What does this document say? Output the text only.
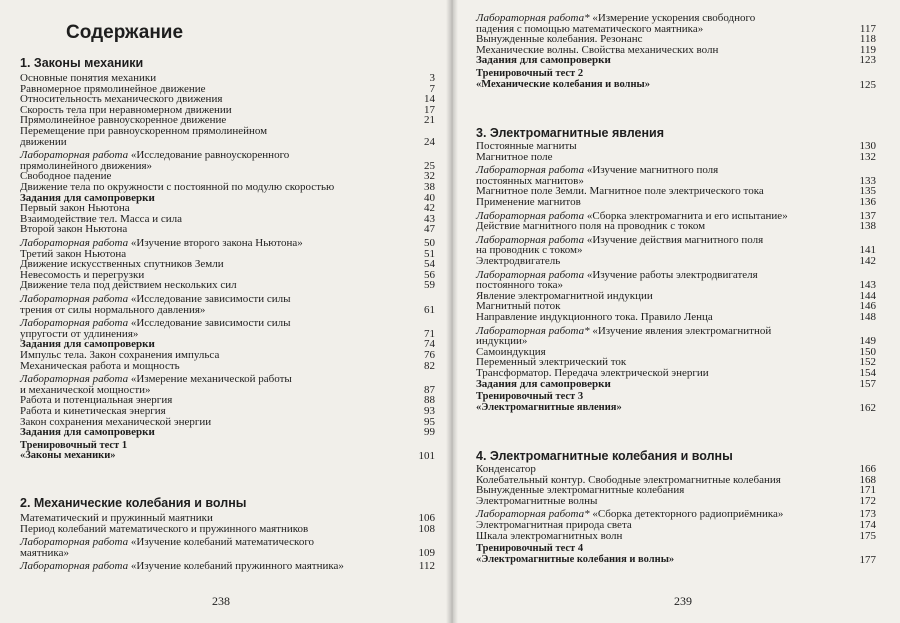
Содержание
1. Законы механики
Основные понятия механики	3
Равномерное прямолинейное движение	7
Относительность механического движения	14
Скорость тела при неравномерном движении	17
Прямолинейное равноускоренное движение	21
Перемещение при равноускоренном прямолинейном
движении	24
Лабораторная работа «Исследование равноускоренного
прямолинейного движения»	25
Свободное падение	32
Движение тела по окружности с постоянной по модулю скоростью	38
Задания для самопроверки	40
Первый закон Ньютона	42
Взаимодействие тел. Масса и сила	43
Второй закон Ньютона	47
Лабораторная работа «Изучение второго закона Ньютона»	50
Третий закон Ньютона	51
Движение искусственных спутников Земли	54
Невесомость и перегрузки	56
Движение тела под действием нескольких сил	59
Лабораторная работа «Исследование зависимости силы
трения от силы нормального давления»	61
Лабораторная работа «Исследование зависимости силы
упругости от удлинения»	71
Задания для самопроверки	74
Импульс тела. Закон сохранения импульса	76
Механическая работа и мощность	82
Лабораторная работа «Измерение механической работы
и механической мощности»	87
Работа и потенциальная энергия	88
Работа и кинетическая энергия	93
Закон сохранения механической энергии	95
Задания для самопроверки	99
Тренировочный тест 1
«Законы механики»	101
2. Механические колебания и волны
Математический и пружинный маятники	106
Период колебаний математического и пружинного маятников	108
Лабораторная работа «Изучение колебаний математического
маятника»	109
Лабораторная работа «Изучение колебаний пружинного маятника»	112
238
Лабораторная работа* «Измерение ускорения свободного
падения с помощью математического маятника»	117
Вынужденные колебания. Резонанс	118
Механические волны. Свойства механических волн	119
Задания для самопроверки	123
Тренировочный тест 2
«Механические колебания и волны»	125
3. Электромагнитные явления
Постоянные магниты	130
Магнитное поле	132
Лабораторная работа «Изучение магнитного поля
постоянных магнитов»	133
Магнитное поле Земли. Магнитное поле электрического тока	135
Применение магнитов	136
Лабораторная работа «Сборка электромагнита и его испытание»	137
Действие магнитного поля на проводник с током	138
Лабораторная работа «Изучение действия магнитного поля
на проводник с током»	141
Электродвигатель	142
Лабораторная работа «Изучение работы электродвигателя
постоянного тока»	143
Явление электромагнитной индукции	144
Магнитный поток	146
Направление индукционного тока. Правило Ленца	148
Лабораторная работа* «Изучение явления электромагнитной
индукции»	149
Самоиндукция	150
Переменный электрический ток	152
Трансформатор. Передача электрической энергии	154
Задания для самопроверки	157
Тренировочный тест 3
«Электромагнитные явления»	162
4. Электромагнитные колебания и волны
Конденсатор	166
Колебательный контур. Свободные электромагнитные колебания	168
Вынужденные электромагнитные колебания	171
Электромагнитные волны	172
Лабораторная работа* «Сборка детекторного радиоприёмника»	173
Электромагнитная природа света	174
Шкала электромагнитных волн	175
Тренировочный тест 4
«Электромагнитные колебания и волны»	177
239
